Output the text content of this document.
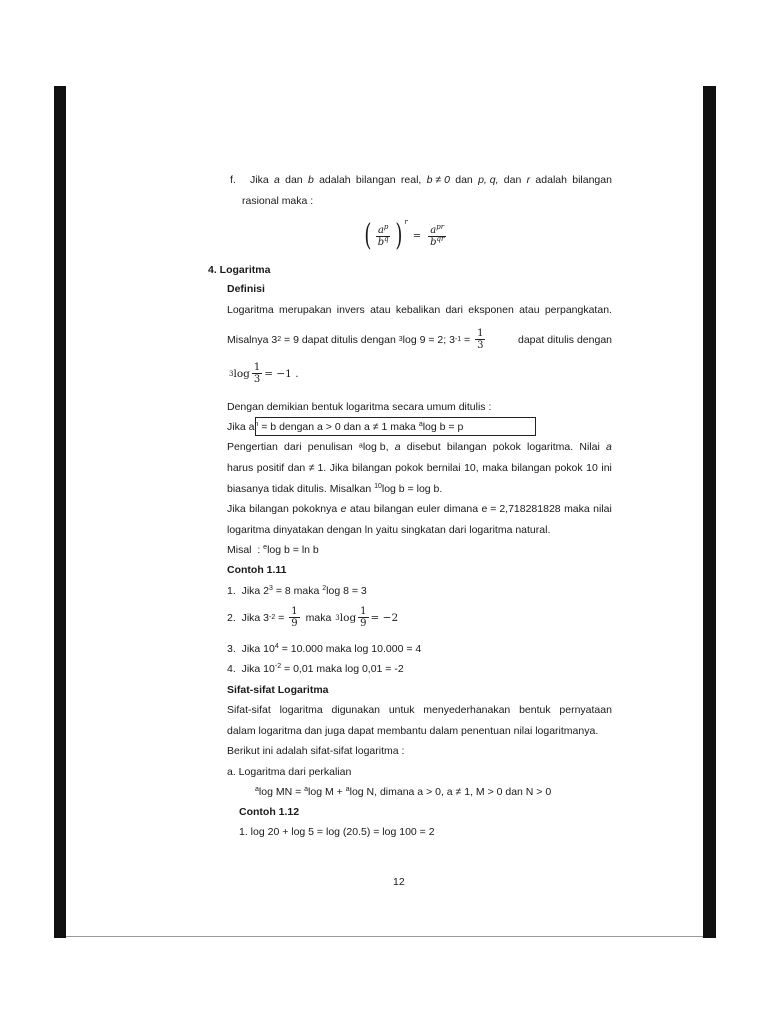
f. Jika a dan b adalah bilangan real, b ≠ 0 dan p, q, dan r adalah bilangan
rasional maka :
( $\frac{a^p}{b^q}$ ) r
= $\frac{a^{pr}}{b^{qr}}$
4. Logaritma
Definisi
Logaritma merupakan invers atau kebalikan dari eksponen atau perpangkatan.
Misalnya 3 2 = 9 dapat ditulis dengan 3 log 9 = 2; 3 $-1 = \frac{1}{3}$	dapat ditulis dengan
3 $\log \frac{1}{3} = -1$ .
Dengan demikian bentuk logaritma secara umum ditulis :
Jika $a^n = b$ dengan a > 0 dan a ≠ 1 maka $^a$log b = p
Pengertian dari penulisan ᵃlog b, a disebut bilangan pokok logaritma. Nilai a
harus positif dan ≠ 1. Jika bilangan pokok bernilai 10, maka bilangan pokok 10 ini
biasanya tidak ditulis. Misalkan $^{10}$log b = log b.
Jika bilangan pokoknya e atau bilangan euler dimana e = 2,718281828 maka nilai
logaritma dinyatakan dengan ln yaitu singkatan dari logaritma natural.
Misal  : $^e$log b = ln b
Contoh 1.11
1.  Jika $2^3 = 8$ maka $^2$log 8 = 3
2.  Jika 3 $-2 = \frac{1}{9}$ maka 3 $\log \frac{1}{9} = -2$
3.  Jika $10^4 = 10.000$ maka log 10.000 = 4
4.  Jika $10^{-2} = 0,01$ maka log 0,01 = -2
Sifat-sifat Logaritma
Sifat-sifat logaritma digunakan untuk menyederhanakan bentuk pernyataan
dalam logaritma dan juga dapat membantu dalam penentuan nilai logaritmanya.
Berikut ini adalah sifat-sifat logaritma :
a. Logaritma dari perkalian
$^a$log MN = $^a$log M + $^a$log N, dimana a > 0, a ≠ 1, M > 0 dan N > 0
Contoh 1.12
1. log 20 + log 5 = log (20.5) = log 100 = 2
12
